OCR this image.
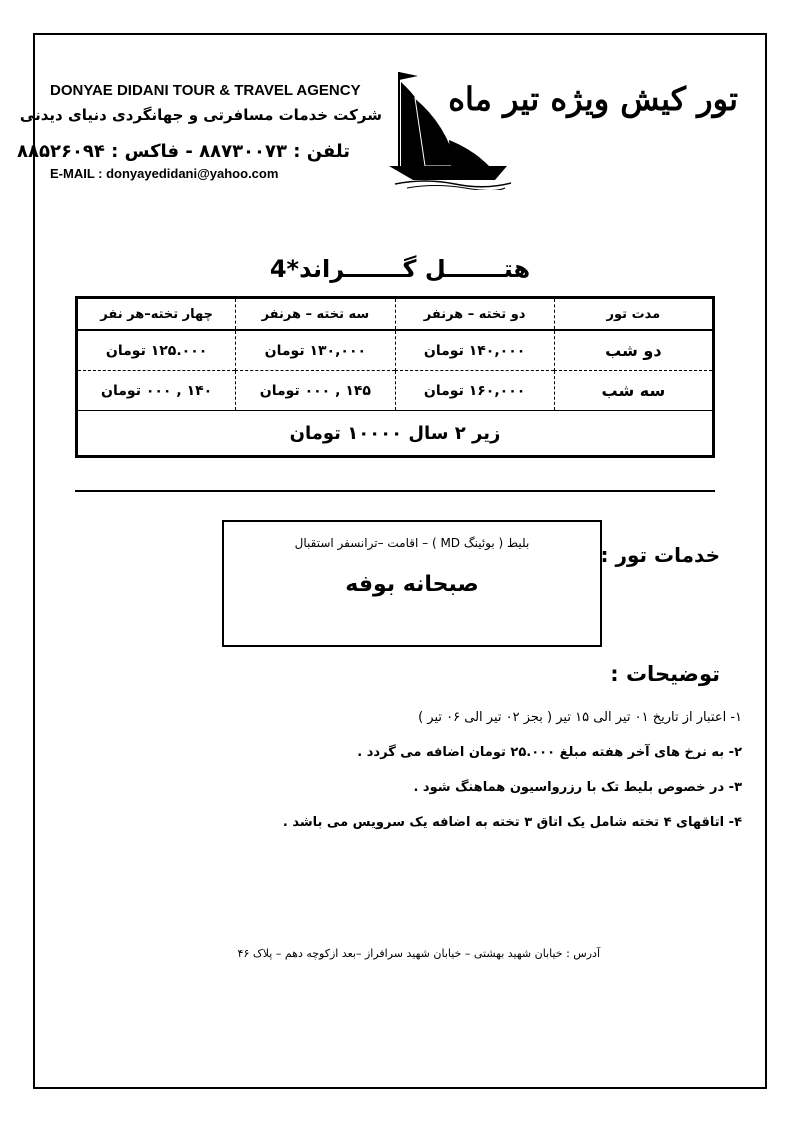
DONYAE DIDANI TOUR & TRAVEL AGENCY
شرکت خدمات مسافرتی و جهانگردی دنیای دیدنی
تلفن : ۸۸۷۳۰۰۷۳ - فاکس : ۸۸۵۲۶۰۹۴
E-MAIL : donyayedidani@yahoo.com
تور کیش ویژه تیر ماه
هتـــــــل گـــــــراند*4
مدت تور	دو تخته – هرنفر	سه تخته – هرنفر	چهار تخته–هر نفر
دو شب	۱۴۰,۰۰۰ تومان	۱۳۰,۰۰۰ تومان	۱۲۵.۰۰۰ تومان
سه شب	۱۶۰,۰۰۰ تومان	۱۴۵ , ۰۰۰ تومان	۱۴۰ , ۰۰۰ تومان
زیر ۲ سال ۱۰۰۰۰ تومان			
خدمات تور :
بلیط ( بوئینگ MD ) – اقامت –ترانسفر استقبال
صبحانه بوفه
توضیحات :
۱- اعتبار از تاریخ ۰۱ تیر الی ۱۵ تیر ( بجز ۰۲ تیر الی ۰۶ تیر )
۲- به نرخ های آخر هفته مبلغ ۲۵.۰۰۰ تومان اضافه می گردد .
۳- در خصوص بلیط تک با رزرواسیون هماهنگ شود .
۴- اتاقهای ۴ تخته شامل یک اتاق ۳ تخته به اضافه یک سرویس می باشد .
آدرس : خیابان شهید بهشتی – خیابان شهید سرافراز –بعد ازکوچه دهم – پلاک ۴۶
